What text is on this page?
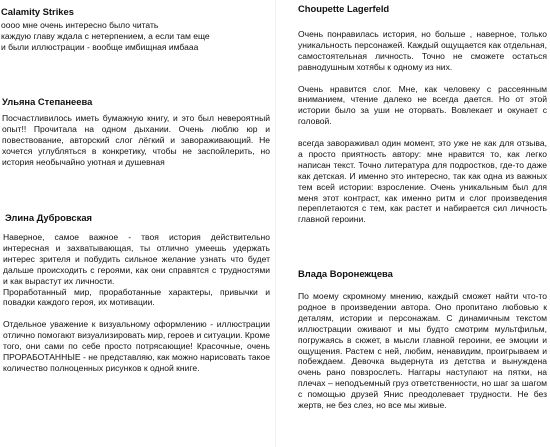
Calamity Strikes
оооо мне очень интересно было читать
каждую главу ждала с нетерпением, а если там еще
и были иллюстрации - вообще имбищная имбааа
Ульяна Степанеева
Посчастливилось иметь бумажную книгу, и это был невероятный опыт!! Прочитала на одном дыхании. Очень люблю юр и повествование, авторский слог лёгкий и завораживающий. Не хочется углубляться в конкретику, чтобы не заспойлерить, но история необычайно уютная и душевная
Элина Дубровская

Наверное, самое важное - твоя история действительно интересная и захватывающая, ты отлично умеешь удержать интерес зрителя и побудить сильное желание узнать что будет дальше происходить с героями, как они справятся с трудностями и как вырастут их личности.

Проработанный мир, проработанные характеры, привычки и повадки каждого героя, их мотивации.

Отдельное уважение к визуальному оформлению - иллюстрации отлично помогают визуализировать мир, героев и ситуации. Кроме того, они сами по себе просто потрясающие! Красочные, очень ПРОРАБОТАННЫЕ - не представляю, как можно нарисовать такое количество полноценных рисунков к одной книге.

Choupette Lagerfeld

Очень понравилась история, но больше , наверное, только уникальность персонажей. Каждый ощущается как отдельная, самостоятельная личность. Точно не сможете остаться равнодушным хотябы к одному из них.

Очень нравится слог. Мне, как человеку с рассеянным вниманием, чтение далеко не всегда дается. Но от этой истории было за уши не оторвать. Вовлекает и окунает с головой.

всегда завораживал один момент, это уже не как для отзыва, а просто приятность автору: мне нравится то, как легко написан текст. Точно литература для подростков, где-то даже как детская. И именно это интересно, так как одна из важных тем всей истории: взросление. Очень уникальным был для меня этот контраст, как именно ритм и слог произведения переплетаются с тем, как растет и набирается сил личность главной героини.

Влада Воронежцева
По моему скромному мнению, каждый сможет найти что-то родное в произведении автора. Оно пропитано любовью к деталям, истории и персонажам. С динамичным текстом иллюстрации оживают и мы будто смотрим мультфильм, погружаясь в сюжет, в мысли главной героини, ее эмоции и ощущения. Растем с ней, любим, ненавидим, проигрываем и побеждаем. Девочка выдернута из детства и вынуждена очень рано повзрослеть. Наггары наступают на пятки, на плечах – неподъемный груз ответственности, но шаг за шагом с помощью друзей Янис преодолевает трудности. Не без жертв, не без слез, но все мы живые.
